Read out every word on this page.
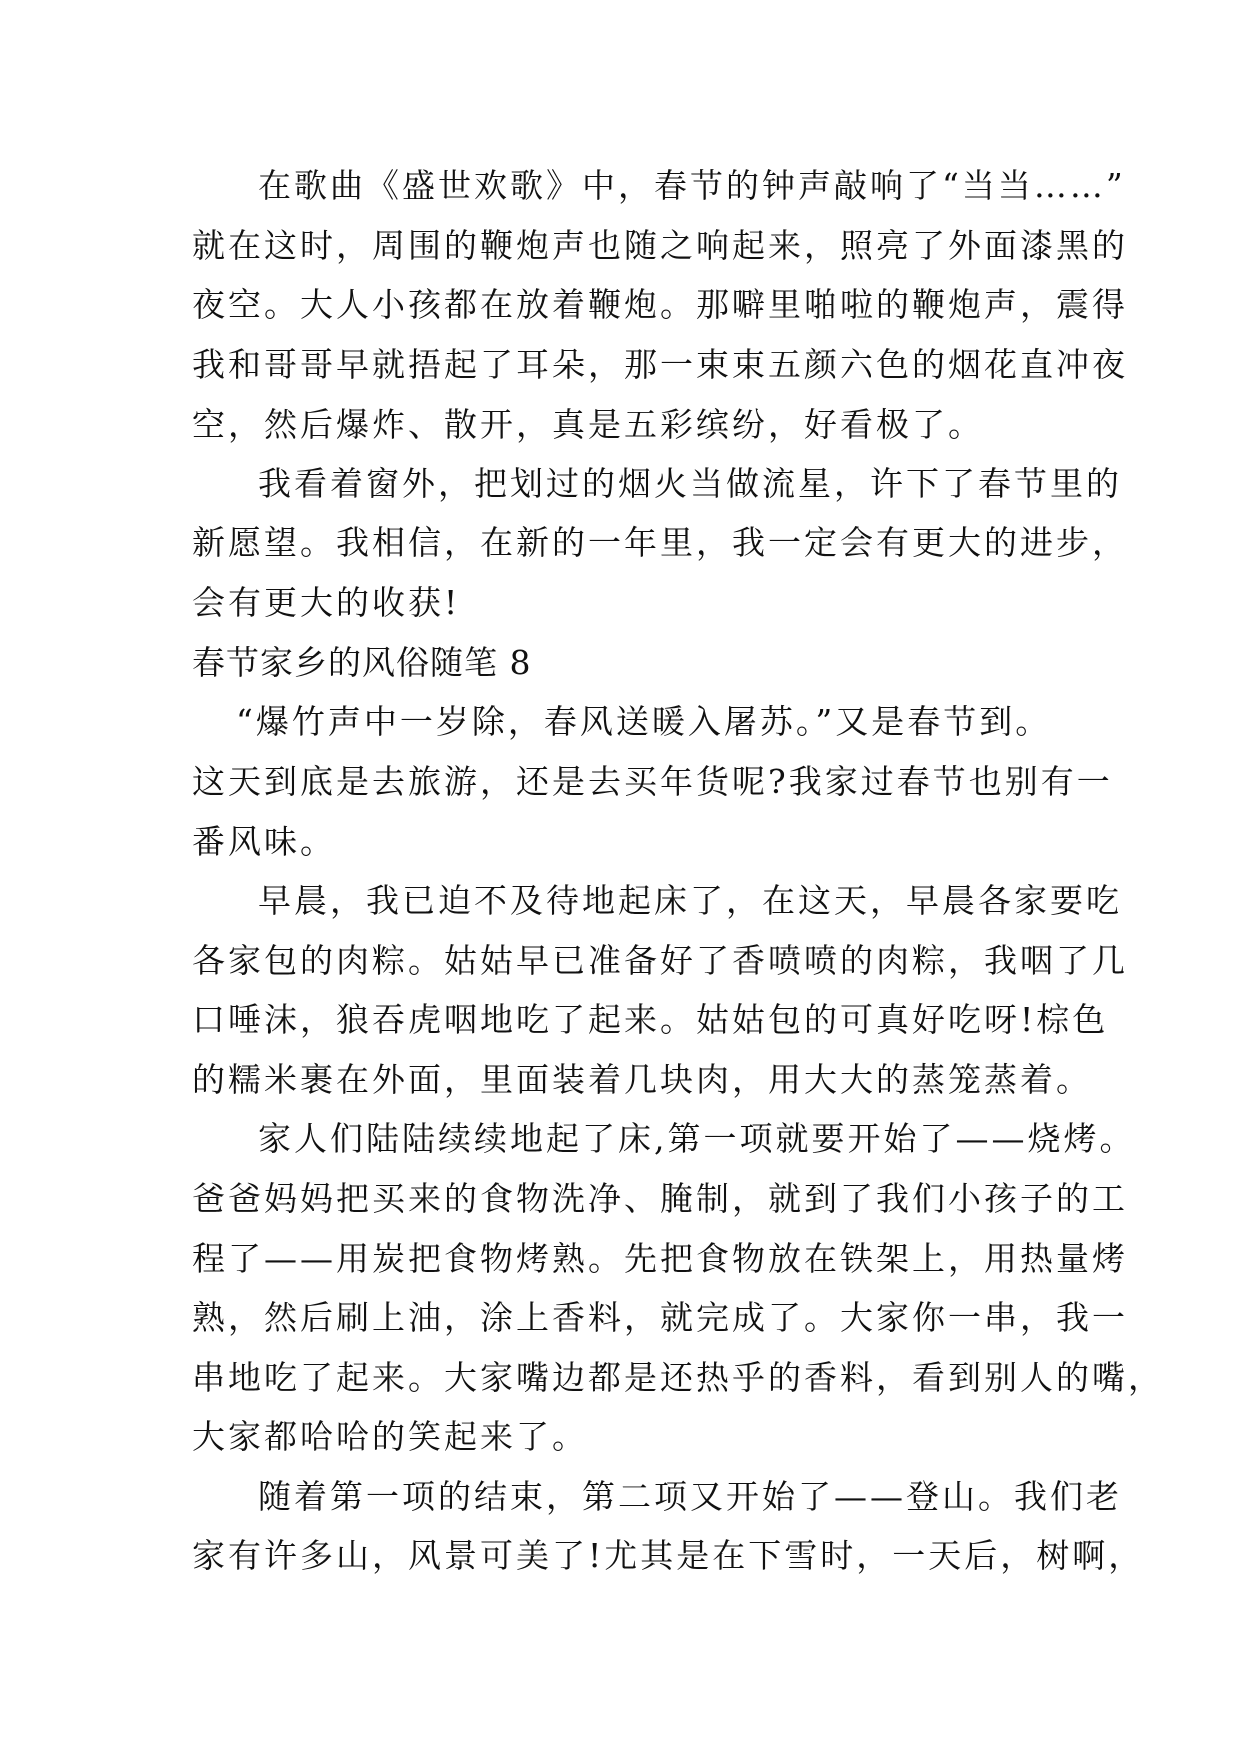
在歌曲《盛世欢歌》中，春节的钟声敲响了“当当……”
就在这时，周围的鞭炮声也随之响起来，照亮了外面漆黑的
夜空。大人小孩都在放着鞭炮。那噼里啪啦的鞭炮声，震得
我和哥哥早就捂起了耳朵，那一束束五颜六色的烟花直冲夜
空，然后爆炸、散开，真是五彩缤纷，好看极了。
我看着窗外，把划过的烟火当做流星，许下了春节里的
新愿望。我相信，在新的一年里，我一定会有更大的进步，
会有更大的收获!
春节家乡的风俗随笔 8
“爆竹声中一岁除，春风送暖入屠苏。”又是春节到。
这天到底是去旅游，还是去买年货呢?我家过春节也别有一
番风味。
早晨，我已迫不及待地起床了，在这天，早晨各家要吃
各家包的肉粽。姑姑早已准备好了香喷喷的肉粽，我咽了几
口唾沫，狼吞虎咽地吃了起来。姑姑包的可真好吃呀!棕色
的糯米裹在外面，里面装着几块肉，用大大的蒸笼蒸着。
家人们陆陆续续地起了床,第一项就要开始了——烧烤。
爸爸妈妈把买来的食物洗净、腌制，就到了我们小孩子的工
程了——用炭把食物烤熟。先把食物放在铁架上，用热量烤
熟，然后刷上油，涂上香料，就完成了。大家你一串，我一
串地吃了起来。大家嘴边都是还热乎的香料，看到别人的嘴，
大家都哈哈的笑起来了。
随着第一项的结束，第二项又开始了——登山。我们老
家有许多山，风景可美了!尤其是在下雪时，一天后，树啊，
